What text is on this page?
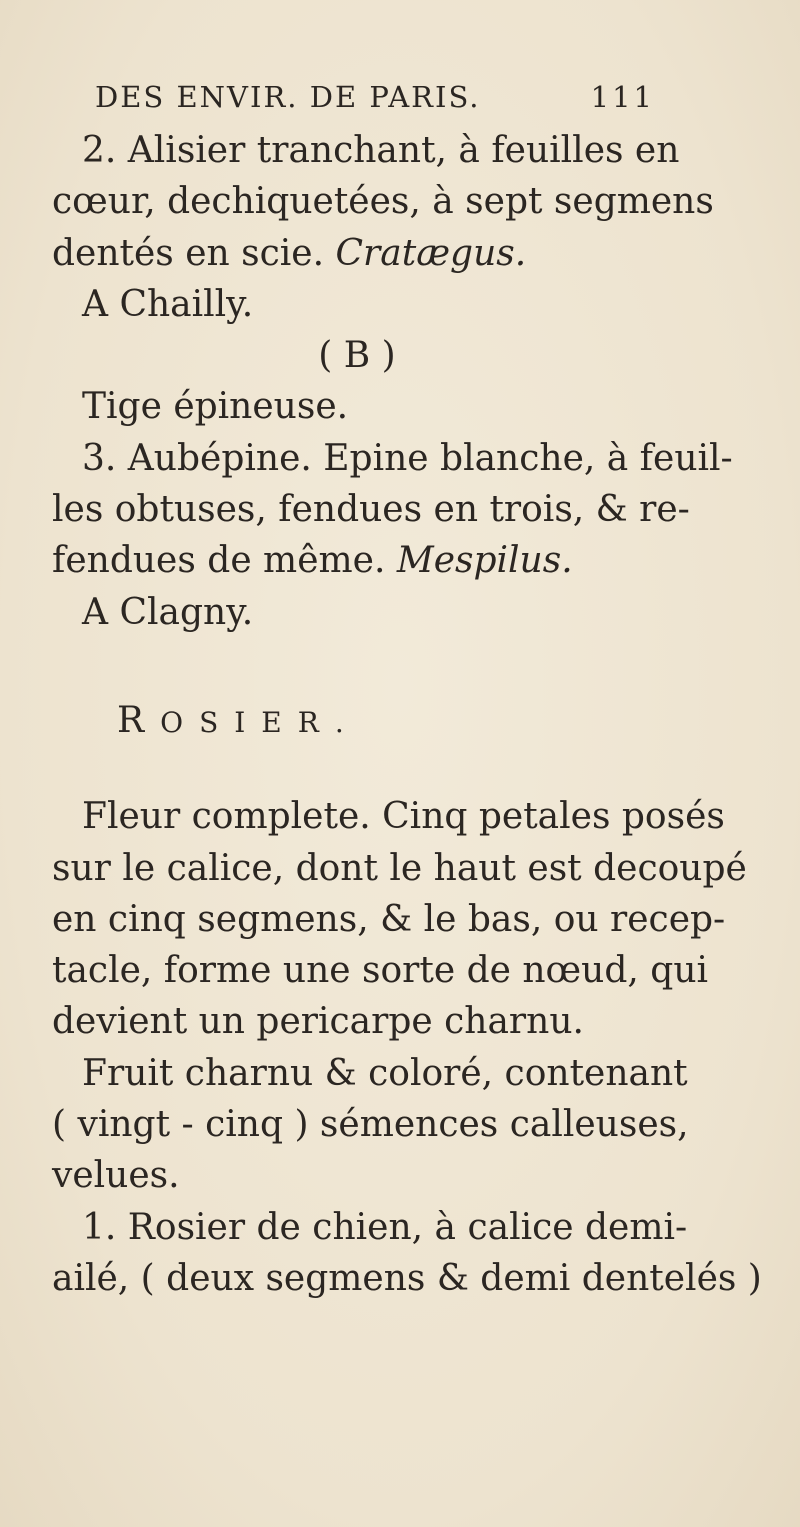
DES ENVIR. DE PARIS.	111
2. Alisier tranchant, à feuilles en
cœur, dechiquetées, à sept segmens
dentés en scie. Cratægus.
A Chailly.
( B )
Tige épineuse.
3. Aubépine. Epine blanche, à feuil-
les obtuses, fendues en trois, & re-
fendues de même. Mespilus.
A Clagny.
ROSIER.
Fleur complete. Cinq petales posés
sur le calice, dont le haut est decoupé
en cinq segmens, & le bas, ou recep-
tacle, forme une sorte de nœud, qui
devient un pericarpe charnu.
Fruit charnu & coloré, contenant
( vingt - cinq ) sémences calleuses,
velues.
1. Rosier de chien, à calice demi-
ailé, ( deux segmens & demi dentelés )
